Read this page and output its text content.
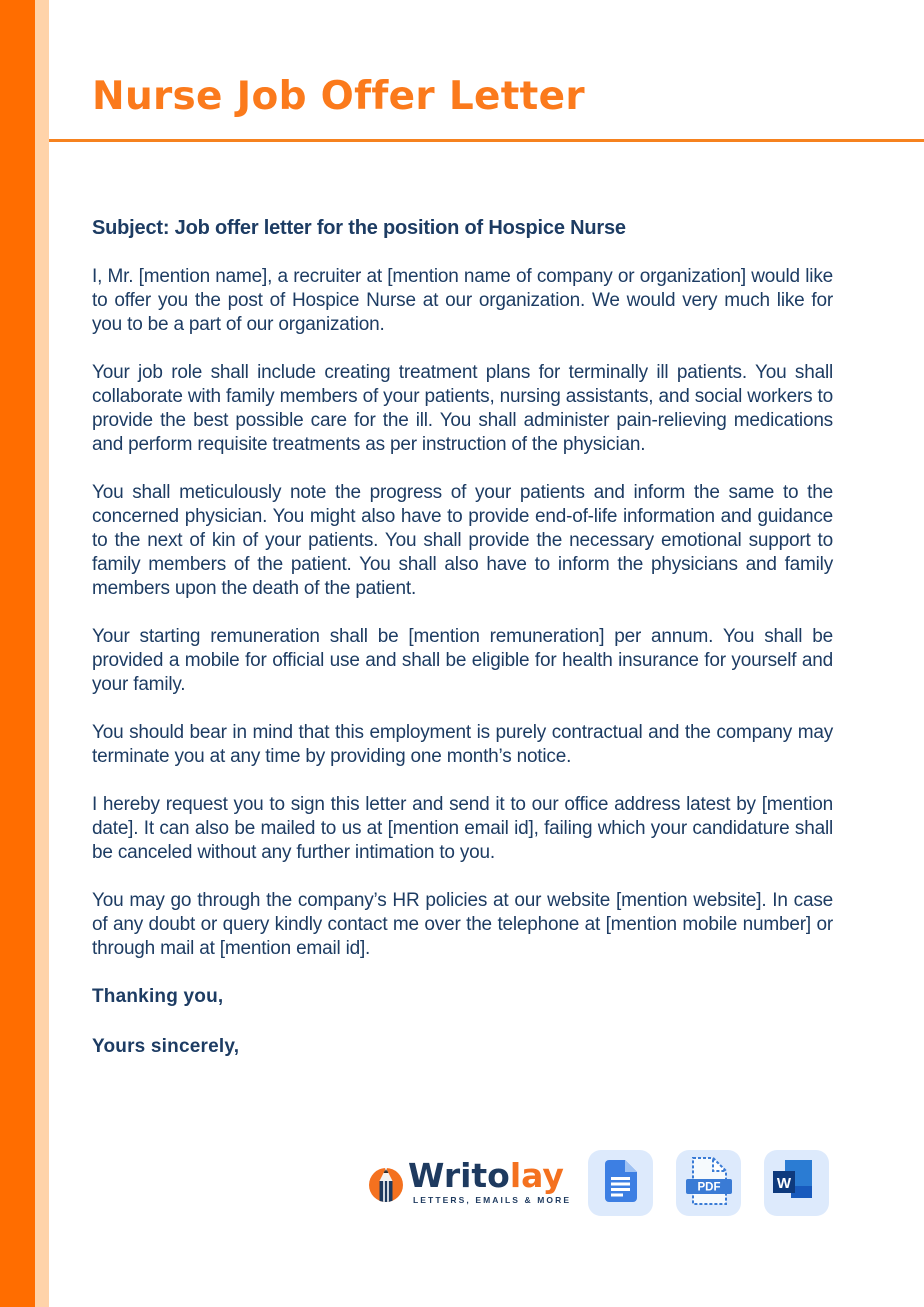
Nurse Job Offer Letter
Subject: Job offer letter for the position of Hospice Nurse

I, Mr. [mention name], a recruiter at [mention name of company or organization] would like to offer you the post of Hospice Nurse at our organization. We would very much like for you to be a part of our organization.

Your job role shall include creating treatment plans for terminally ill patients. You shall collaborate with family members of your patients, nursing assistants, and social workers to provide the best possible care for the ill. You shall administer pain-relieving medications and perform requisite treatments as per instruction of the physician.

You shall meticulously note the progress of your patients and inform the same to the concerned physician. You might also have to provide end-of-life information and guidance to the next of kin of your patients. You shall provide the necessary emotional support to family members of the patient. You shall also have to inform the physicians and family members upon the death of the patient.

Your starting remuneration shall be [mention remuneration] per annum. You shall be provided a mobile for official use and shall be eligible for health insurance for yourself and your family.

You should bear in mind that this employment is purely contractual and the company may terminate you at any time by providing one month’s notice.

I hereby request you to sign this letter and send it to our office address latest by [mention date]. It can also be mailed to us at [mention email id], failing which your candidature shall be canceled without any further intimation to you.

You may go through the company’s HR policies at our website [mention website]. In case of any doubt or query kindly contact me over the telephone at [mention mobile number] or through mail at [mention email id].

Thanking you,
Yours sincerely,
Writolay
LETTERS, EMAILS & MORE
PDF	W
